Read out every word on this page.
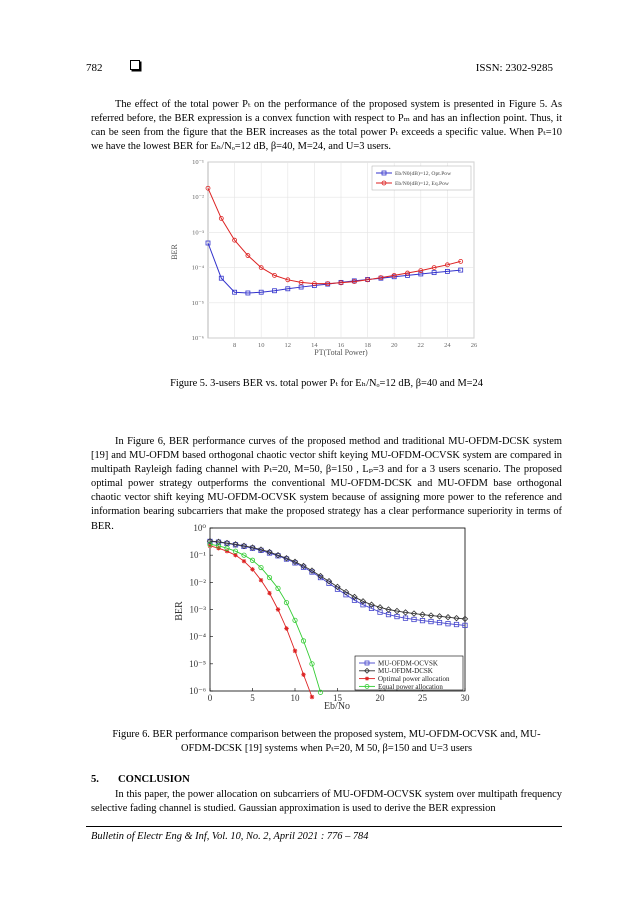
782	ISSN: 2302-9285
The effect of the total power Pₜ on the performance of the proposed system is presented in Figure 5. As referred before, the BER expression is a convex function with respect to Pₘ and has an inflection point. Thus, it can be seen from the figure that the BER increases as the total power Pₜ exceeds a specific value. When Pₜ=10 we have the lowest BER for Eₕ/Nₒ=12 dB, β=40, M=24, and U=3 users.
8	10	12	14	16	18	20	22	24	26
10⁻¹
10⁻²
10⁻³
10⁻⁴
10⁻⁵
10⁻⁶
Eb/N0(dB)=12, Opt.Pow
Eb/N0(dB)=12, Eq.Pow
BER
PT(Total Power)
Figure 5. 3-users BER vs. total power Pₜ for Eₕ/Nₒ=12 dB, β=40 and M=24
In Figure 6, BER performance curves of the proposed method and traditional MU-OFDM-DCSK system [19] and MU-OFDM based orthogonal chaotic vector shift keying MU-OFDM-OCVSK system are compared in multipath Rayleigh fading channel with Pₜ=20, M=50, β=150 , Lₚ=3 and for a 3 users scenario. The proposed optimal power strategy outperforms the conventional MU-OFDM-DCSK and MU-OFDM base orthogonal chaotic vector shift keying MU-OFDM-OCVSK system because of assigning more power to the reference and information bearing subcarriers that make the proposed strategy has a clear performance superiority in terms of BER.
0	5	10	15	20	25	30
10⁰
10⁻¹
10⁻²
10⁻³
10⁻⁴
10⁻⁵
10⁻⁶
MU-OFDM-OCVSK
MU-OFDM-DCSK
Optimal power allocation
Equal power allocation
BER
Eb/No
Figure 6. BER performance comparison between the proposed system, MU-OFDM-OCVSK and, MU-OFDM-DCSK [19] systems when Pₜ=20, M 50, β=150 and U=3 users
5. CONCLUSION
In this paper, the power allocation on subcarriers of MU-OFDM-OCVSK system over multipath frequency selective fading channel is studied. Gaussian approximation is used to derive the BER expression
Bulletin of Electr Eng & Inf, Vol. 10, No. 2, April 2021 : 776 – 784
